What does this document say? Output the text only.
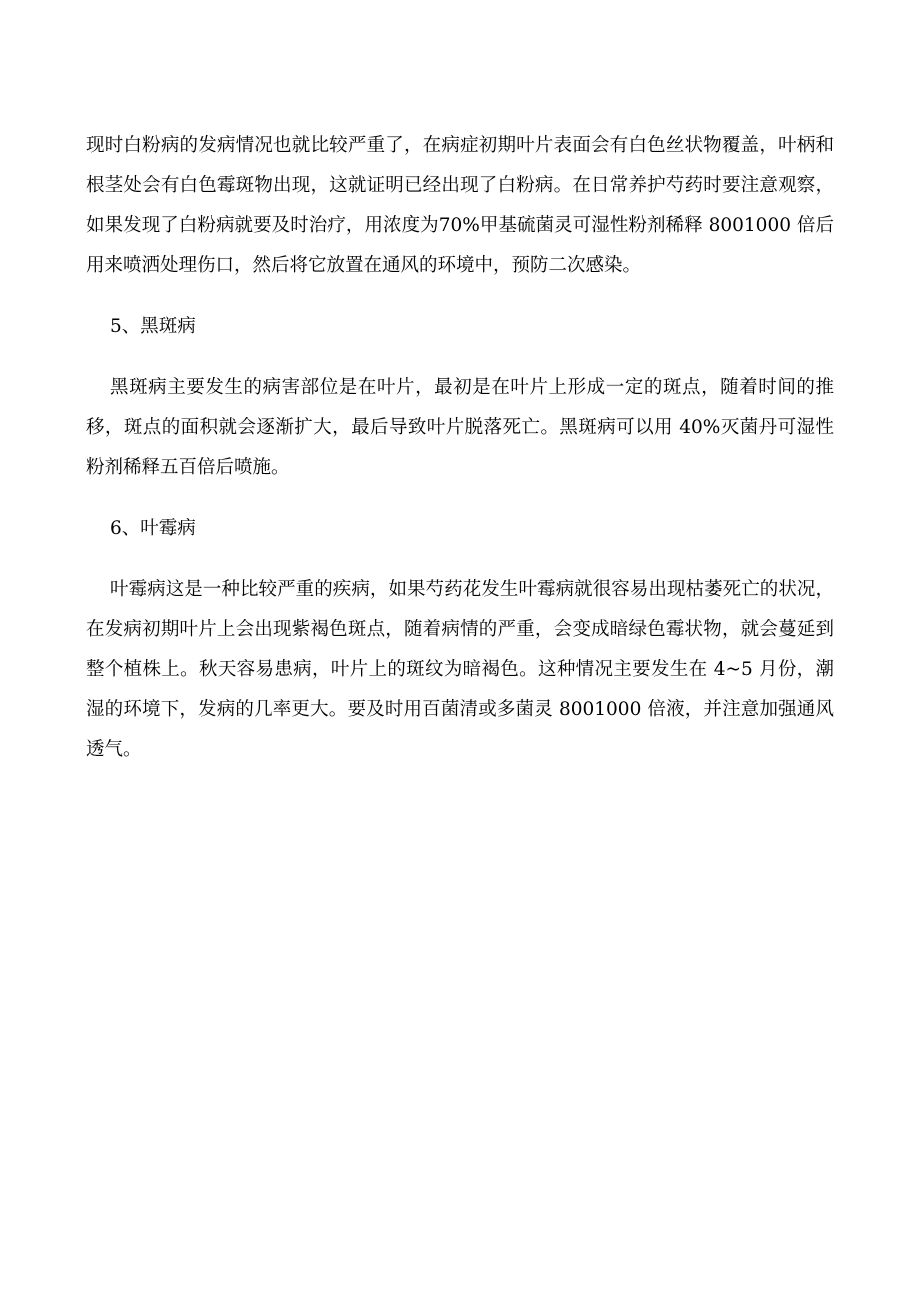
现时白粉病的发病情况也就比较严重了，在病症初期叶片表面会有白色丝状物覆盖，叶柄和根茎处会有白色霉斑物出现，这就证明已经出现了白粉病。在日常养护芍药时要注意观察，如果发现了白粉病就要及时治疗，用浓度为70%甲基硫菌灵可湿性粉剂稀释 8001000 倍后用来喷洒处理伤口，然后将它放置在通风的环境中，预防二次感染。

5、黑斑病

黑斑病主要发生的病害部位是在叶片，最初是在叶片上形成一定的斑点，随着时间的推移，斑点的面积就会逐渐扩大，最后导致叶片脱落死亡。黑斑病可以用 40%灭菌丹可湿性粉剂稀释五百倍后喷施。

6、叶霉病

叶霉病这是一种比较严重的疾病，如果芍药花发生叶霉病就很容易出现枯萎死亡的状况，在发病初期叶片上会出现紫褐色斑点，随着病情的严重，会变成暗绿色霉状物，就会蔓延到整个植株上。秋天容易患病，叶片上的斑纹为暗褐色。这种情况主要发生在 4~5 月份，潮湿的环境下，发病的几率更大。要及时用百菌清或多菌灵 8001000 倍液，并注意加强通风透气。
